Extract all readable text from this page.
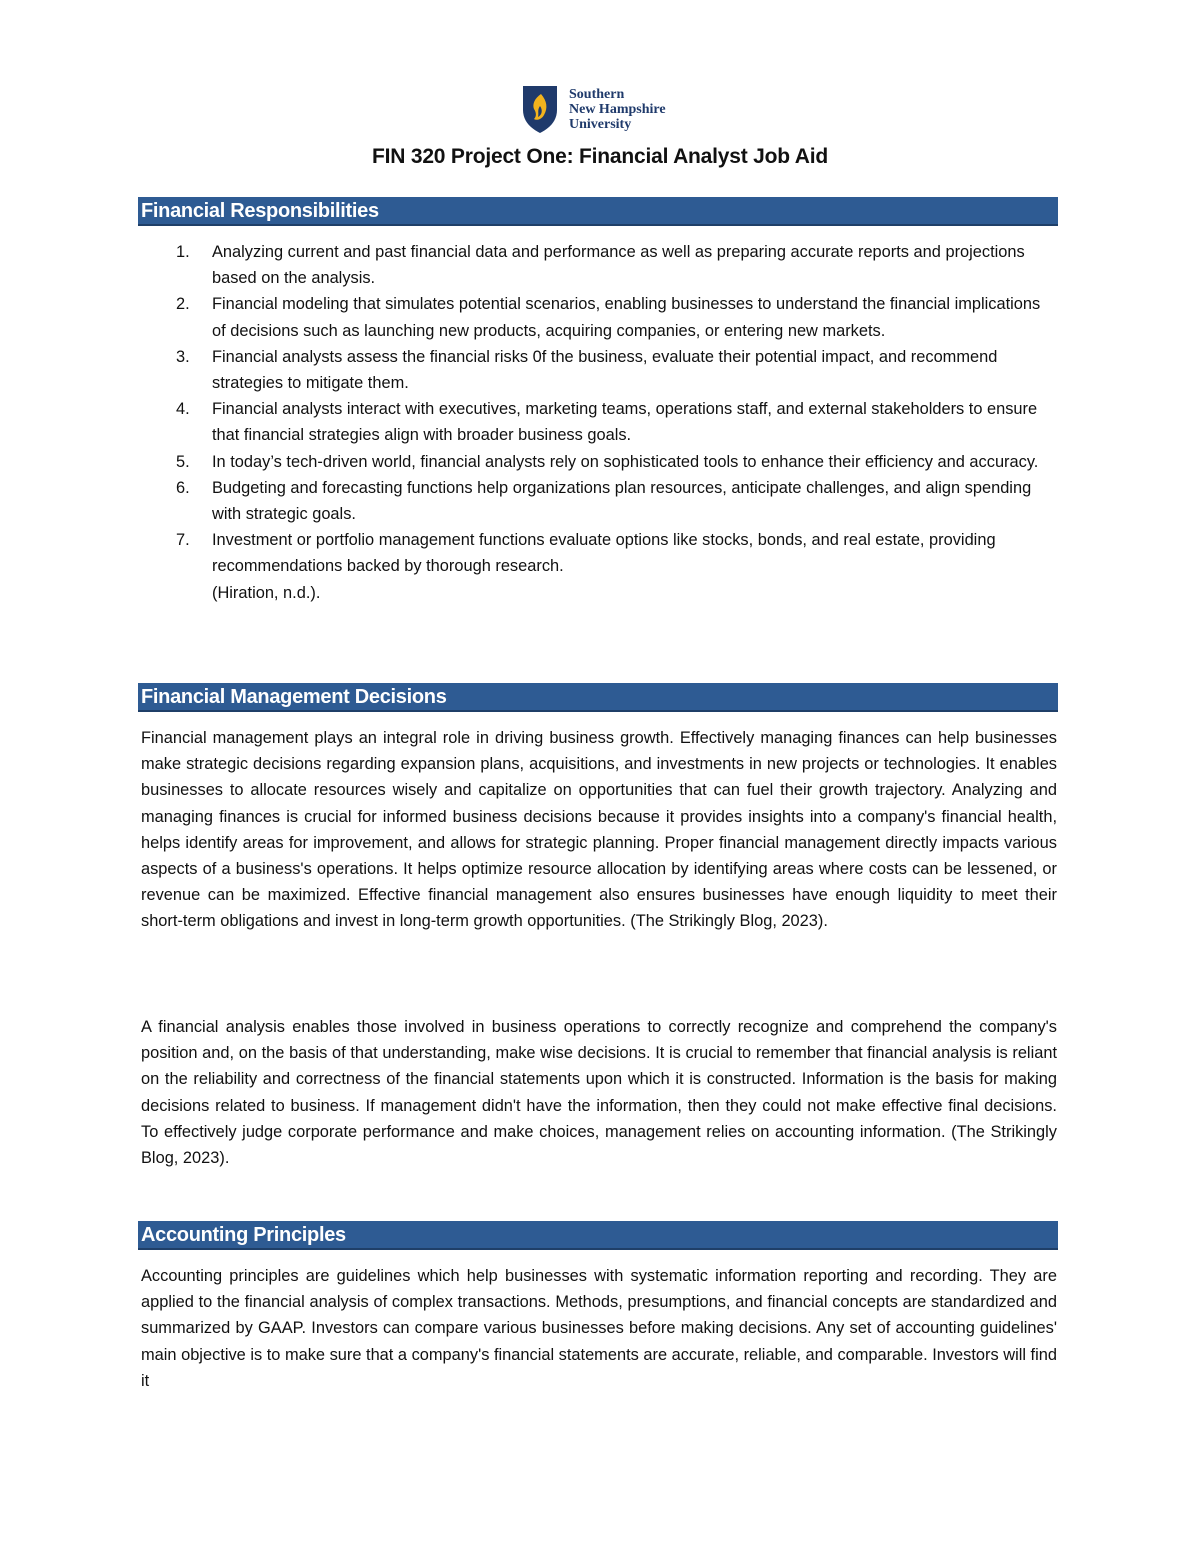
Southern
New Hampshire
University
FIN 320 Project One: Financial Analyst Job Aid
Financial Responsibilities
1. Analyzing current and past financial data and performance as well as preparing accurate reports and projections based on the analysis.
2. Financial modeling that simulates potential scenarios, enabling businesses to understand the financial implications of decisions such as launching new products, acquiring companies, or entering new markets.
3. Financial analysts assess the financial risks 0f the business, evaluate their potential impact, and recommend strategies to mitigate them.
4. Financial analysts interact with executives, marketing teams, operations staff, and external stakeholders to ensure that financial strategies align with broader business goals.
5. In today’s tech-driven world, financial analysts rely on sophisticated tools to enhance their efficiency and accuracy.
6. Budgeting and forecasting functions help organizations plan resources, anticipate challenges, and align spending with strategic goals.
7. Investment or portfolio management functions evaluate options like stocks, bonds, and real estate, providing recommendations backed by thorough research.
(Hiration, n.d.).
Financial Management Decisions

Financial management plays an integral role in driving business growth. Effectively managing finances can help businesses make strategic decisions regarding expansion plans, acquisitions, and investments in new projects or technologies. It enables businesses to allocate resources wisely and capitalize on opportunities that can fuel their growth trajectory. Analyzing and managing finances is crucial for informed business decisions because it provides insights into a company's financial health, helps identify areas for improvement, and allows for strategic planning. Proper financial management directly impacts various aspects of a business's operations. It helps optimize resource allocation by identifying areas where costs can be lessened, or revenue can be maximized. Effective financial management also ensures businesses have enough liquidity to meet their short-term obligations and invest in long-term growth opportunities. (The Strikingly Blog, 2023).

A financial analysis enables those involved in business operations to correctly recognize and comprehend the company's position and, on the basis of that understanding, make wise decisions. It is crucial to remember that financial analysis is reliant on the reliability and correctness of the financial statements upon which it is constructed. Information is the basis for making decisions related to business. If management didn't have the information, then they could not make effective final decisions. To effectively judge corporate performance and make choices, management relies on accounting information. (The Strikingly Blog, 2023).

Accounting Principles

Accounting principles are guidelines which help businesses with systematic information reporting and recording. They are applied to the financial analysis of complex transactions. Methods, presumptions, and financial concepts are standardized and summarized by GAAP. Investors can compare various businesses before making decisions. Any set of accounting guidelines' main objective is to make sure that a company's financial statements are accurate, reliable, and comparable. Investors will find it
